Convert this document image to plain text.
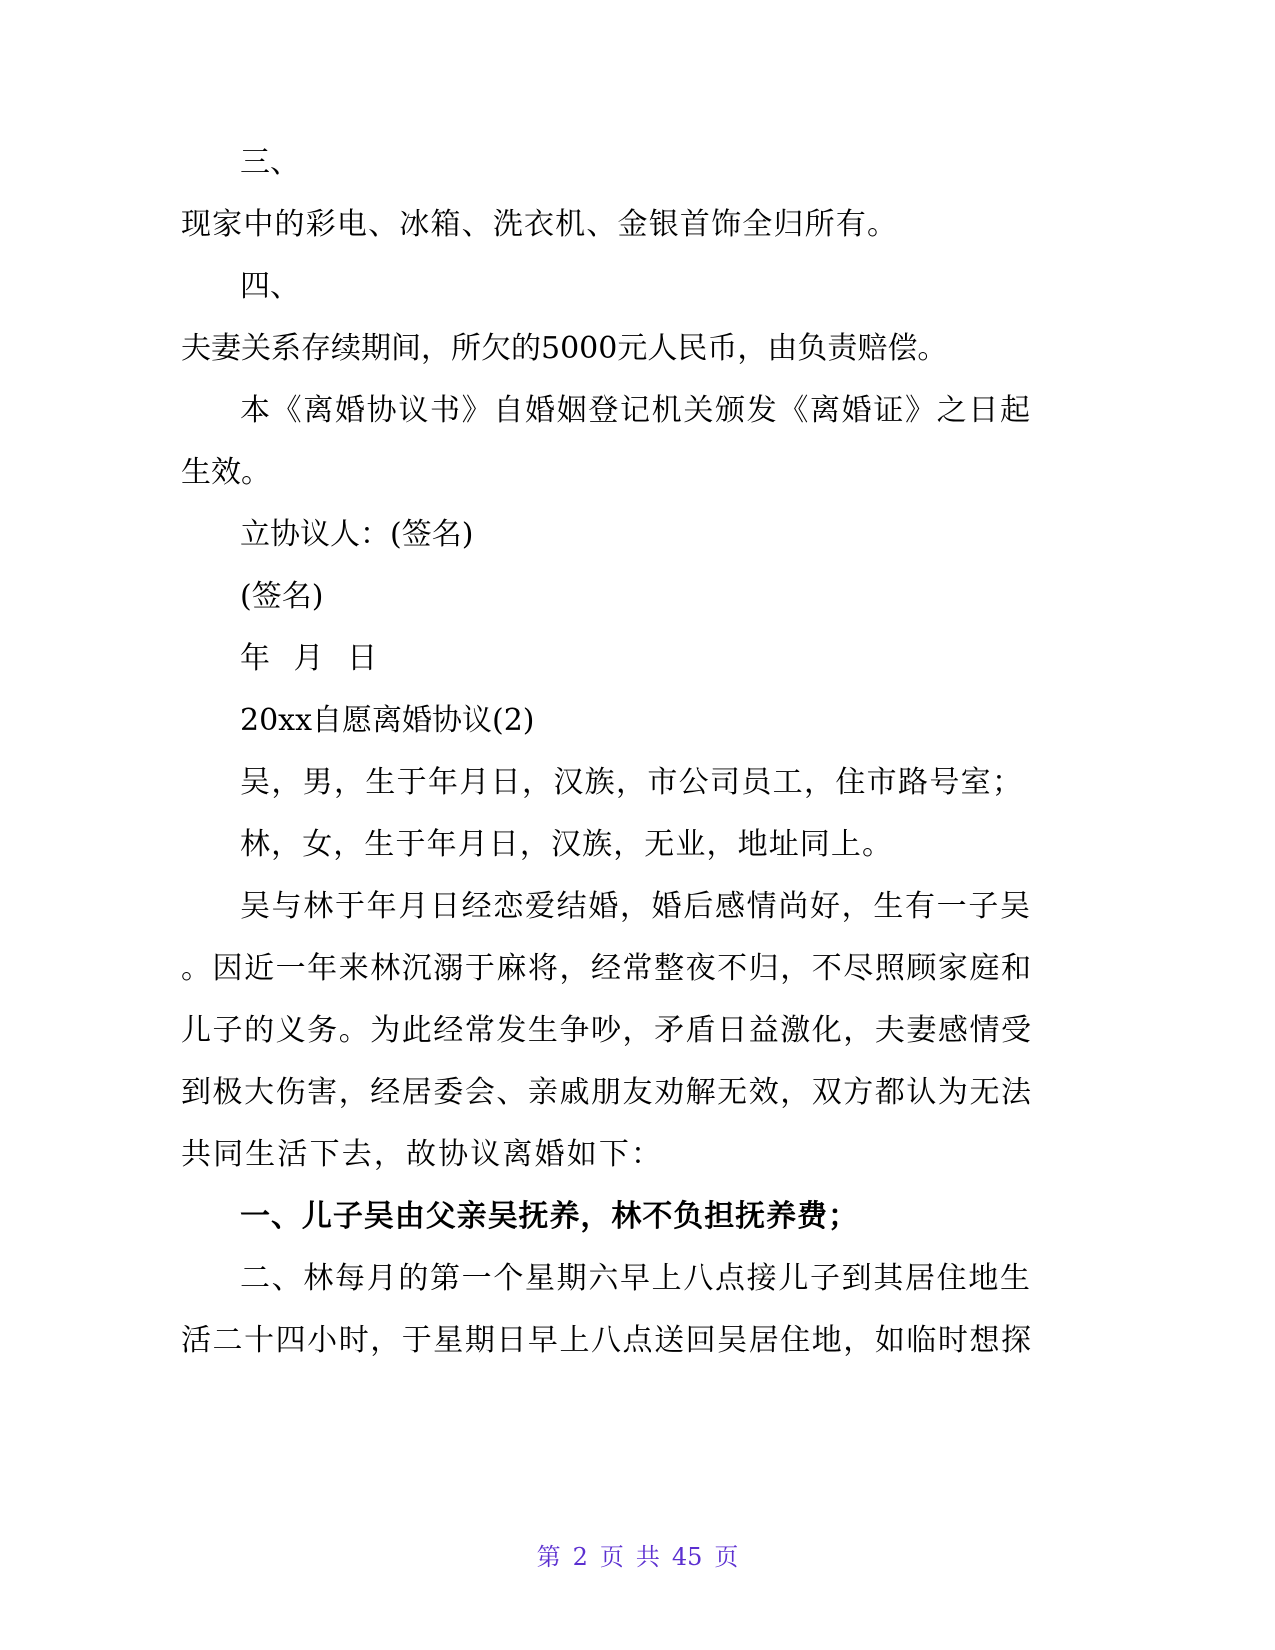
三、
现家中的彩电、冰箱、洗衣机、金银首饰全归所有。
四、
夫妻关系存续期间，所欠的5000元人民币，由负责赔偿。
本《离婚协议书》自婚姻登记机关颁发《离婚证》之日起
生效。
立协议人：(签名)
(签名)
年 月 日
20xx自愿离婚协议(2)
吴，男，生于年月日，汉族，市公司员工，住市路号室；
林，女，生于年月日，汉族，无业，地址同上。
吴与林于年月日经恋爱结婚，婚后感情尚好，生有一子吴
。因近一年来林沉溺于麻将，经常整夜不归，不尽照顾家庭和
儿子的义务。为此经常发生争吵，矛盾日益激化，夫妻感情受
到极大伤害，经居委会、亲戚朋友劝解无效，双方都认为无法
共同生活下去，故协议离婚如下：
一、儿子吴由父亲吴抚养，林不负担抚养费；
二、林每月的第一个星期六早上八点接儿子到其居住地生
活二十四小时，于星期日早上八点送回吴居住地，如临时想探
第 2 页 共 45 页
